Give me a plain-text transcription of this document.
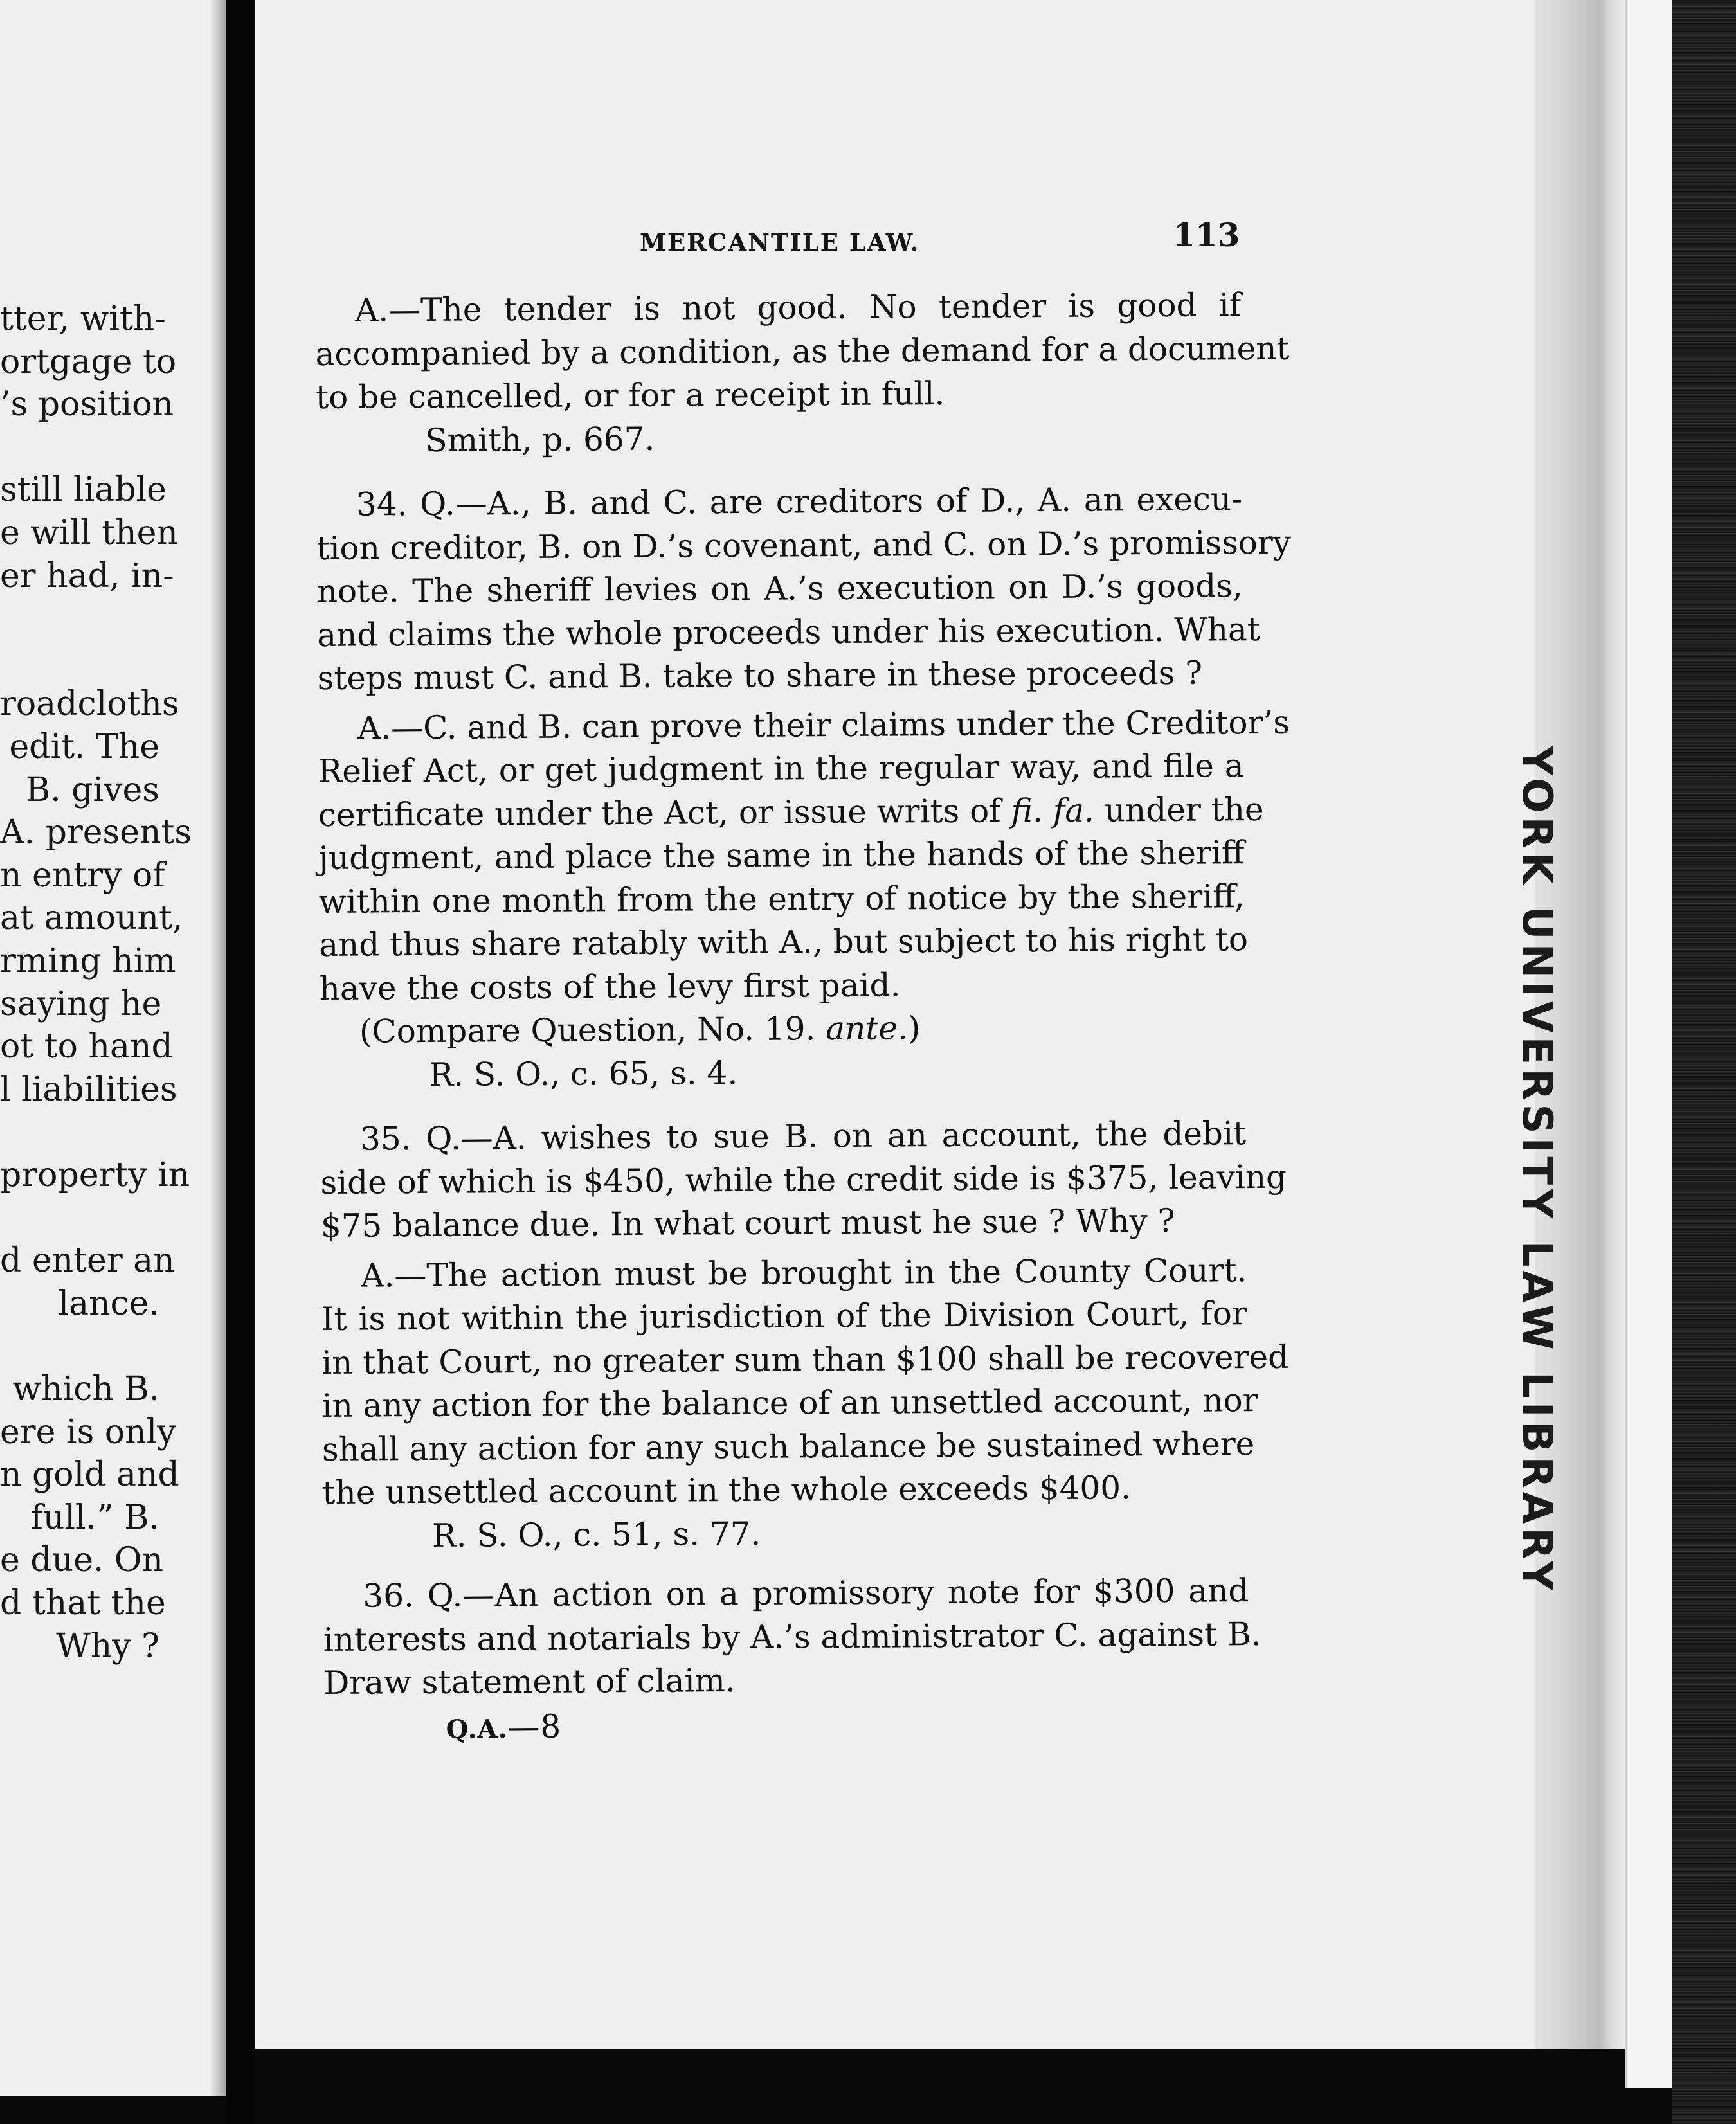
tter, with-
ortgage to
’s position
still liable
e will then
er had, in-
roadcloths
edit. The
B. gives
A. presents
n entry of
at amount,
rming him
saying he
ot to hand
l liabilities
property in
d enter an
lance.
which B.
ere is only
n gold and
full.” B.
e due. On
d that the
Why ?
MERCANTILE LAW.	113
A.—The tender is not good. No tender is good if
accompanied by a condition, as the demand for a document
to be cancelled, or for a receipt in full.
Smith, p. 667.
34. Q.—A., B. and C. are creditors of D., A. an execu-
tion creditor, B. on D.’s covenant, and C. on D.’s promissory
note. The sheriff levies on A.’s execution on D.’s goods,
and claims the whole proceeds under his execution. What
steps must C. and B. take to share in these proceeds ?
A.—C. and B. can prove their claims under the Creditor’s
Relief Act, or get judgment in the regular way, and file a
certificate under the Act, or issue writs of fi. fa. under the
judgment, and place the same in the hands of the sheriff
within one month from the entry of notice by the sheriff,
and thus share ratably with A., but subject to his right to
have the costs of the levy first paid.
(Compare Question, No. 19. ante.)
R. S. O., c. 65, s. 4.
35. Q.—A. wishes to sue B. on an account, the debit
side of which is $450, while the credit side is $375, leaving
$75 balance due. In what court must he sue ? Why ?
A.—The action must be brought in the County Court.
It is not within the jurisdiction of the Division Court, for
in that Court, no greater sum than $100 shall be recovered
in any action for the balance of an unsettled account, nor
shall any action for any such balance be sustained where
the unsettled account in the whole exceeds $400.
R. S. O., c. 51, s. 77.
36. Q.—An action on a promissory note for $300 and
interests and notarials by A.’s administrator C. against B.
Draw statement of claim.
Q.A.—8
YORK UNIVERSITY LAW LIBRARY
